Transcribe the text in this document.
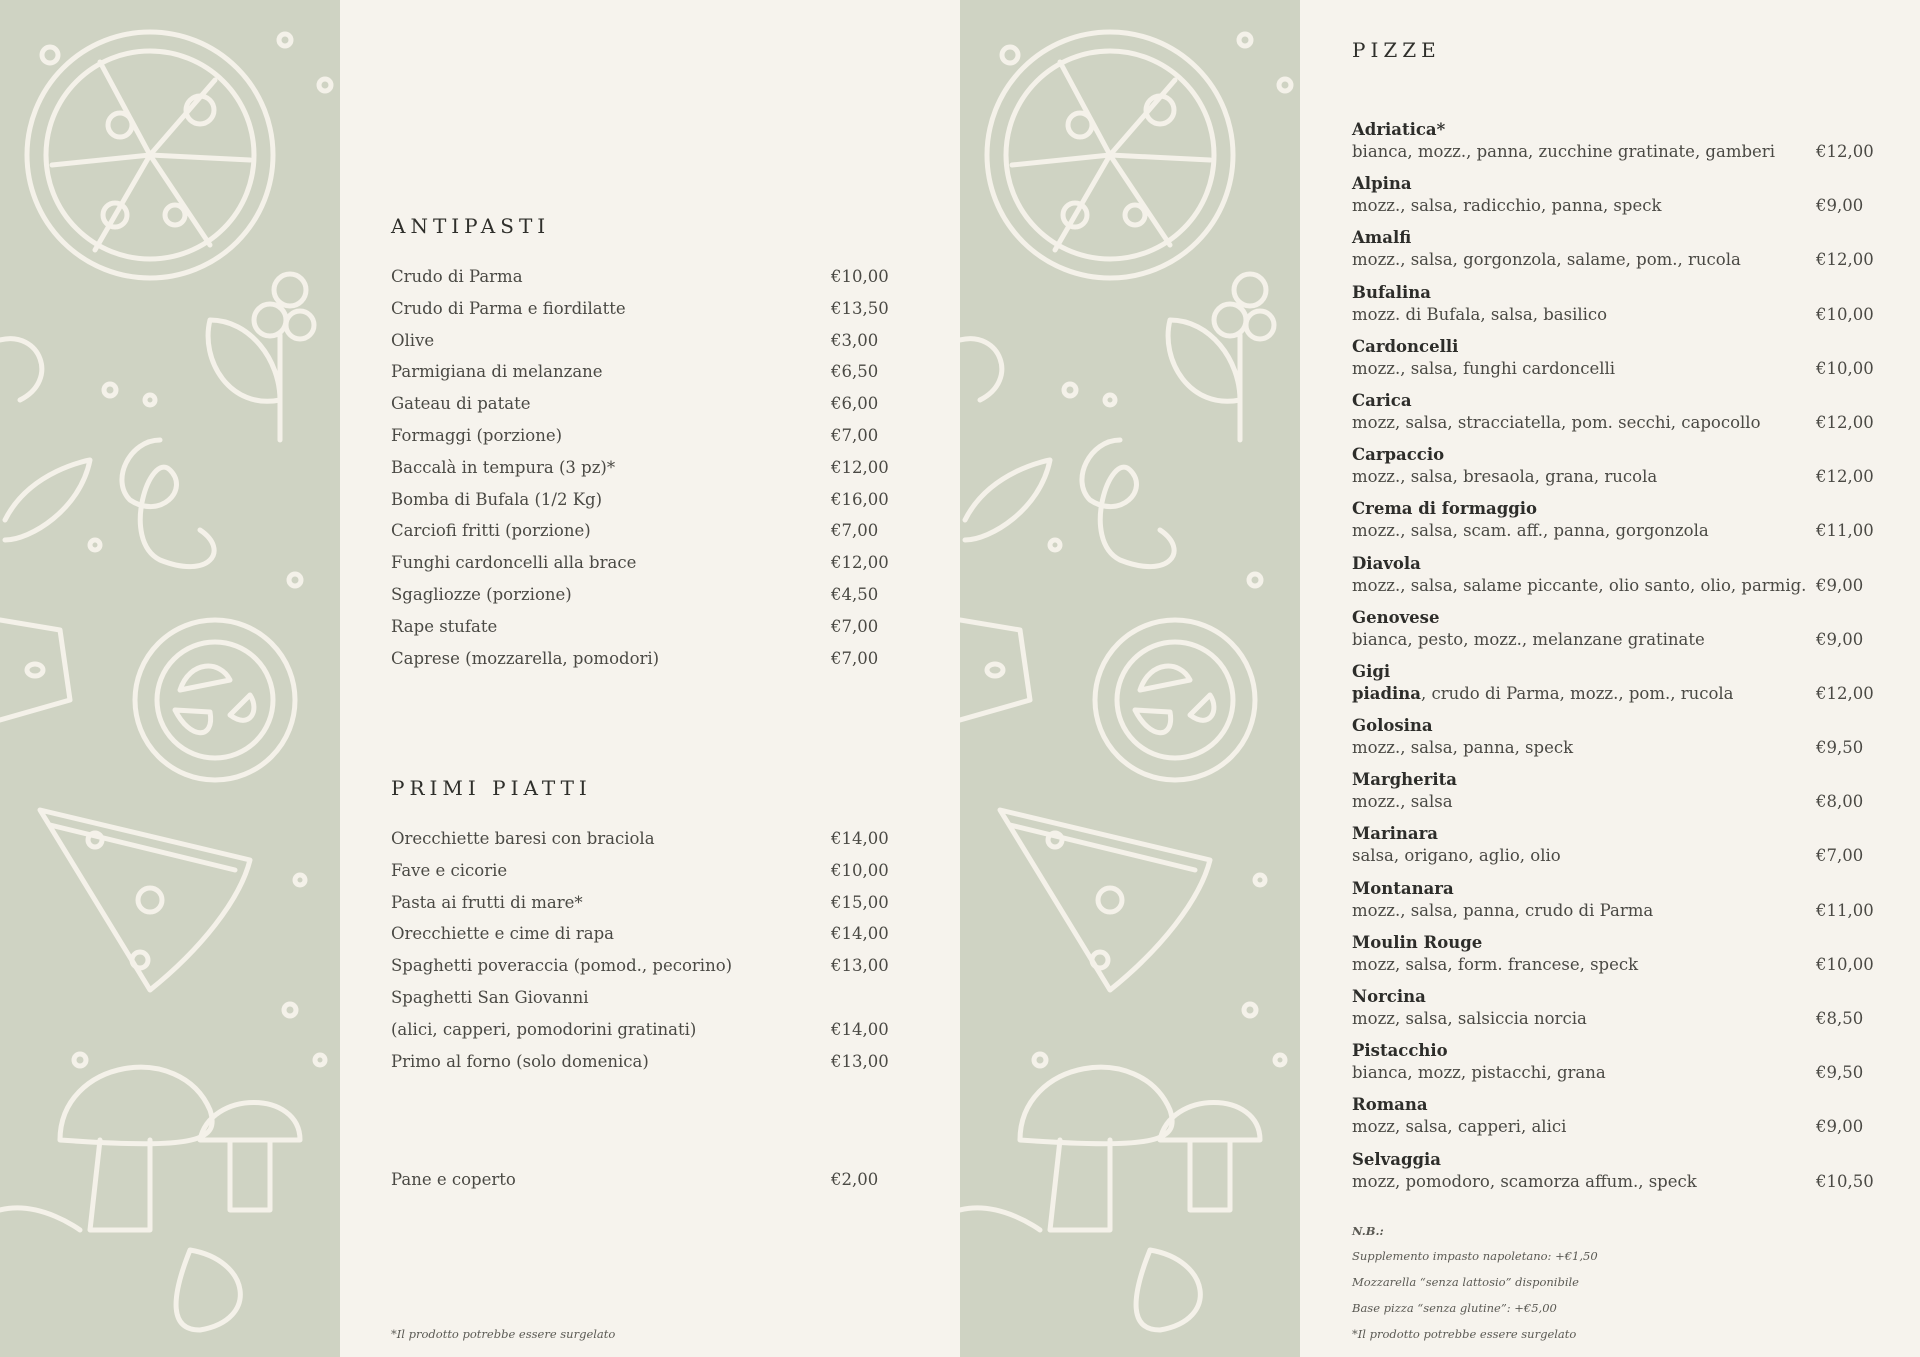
ANTIPASTI
Crudo di Parma	€10,00
Crudo di Parma e fiordilatte	€13,50
Olive	€3,00
Parmigiana di melanzane	€6,50
Gateau di patate	€6,00
Formaggi (porzione)	€7,00
Baccalà in tempura (3 pz)*	€12,00
Bomba di Bufala (1/2 Kg)	€16,00
Carciofi fritti (porzione)	€7,00
Funghi cardoncelli alla brace	€12,00
Sgagliozze (porzione)	€4,50
Rape stufate	€7,00
Caprese (mozzarella, pomodori)	€7,00
PRIMI PIATTI
Orecchiette baresi con braciola	€14,00
Fave e cicorie	€10,00
Pasta ai frutti di mare*	€15,00
Orecchiette e cime di rapa	€14,00
Spaghetti poveraccia (pomod., pecorino)	€13,00
Spaghetti San Giovanni
(alici, capperi, pomodorini gratinati)	€14,00
Primo al forno (solo domenica)	€13,00
Pane e coperto	€2,00
*Il prodotto potrebbe essere surgelato
PIZZE
Adriatica*
bianca, mozz., panna, zucchine gratinate, gamberi €12,00
Alpina
mozz., salsa, radicchio, panna, speck	€9,00
Amalfi
mozz., salsa, gorgonzola, salame, pom., rucola	€12,00
Bufalina
mozz. di Bufala, salsa, basilico	€10,00
Cardoncelli
mozz., salsa, funghi cardoncelli	€10,00
Carica
mozz, salsa, stracciatella, pom. secchi, capocollo	€12,00
Carpaccio
mozz., salsa, bresaola, grana, rucola	€12,00
Crema di formaggio
mozz., salsa, scam. aff., panna, gorgonzola	€11,00
Diavola
mozz., salsa, salame piccante, olio santo, olio, parmig. €9,00
Genovese
bianca, pesto, mozz., melanzane gratinate	€9,00
Gigi
piadina, crudo di Parma, mozz., pom., rucola	€12,00
Golosina
mozz., salsa, panna, speck	€9,50
Margherita
mozz., salsa	€8,00
Marinara
salsa, origano, aglio, olio	€7,00
Montanara
mozz., salsa, panna, crudo di Parma	€11,00
Moulin Rouge
mozz, salsa, form. francese, speck	€10,00
Norcina
mozz, salsa, salsiccia norcia	€8,50
Pistacchio
bianca, mozz, pistacchi, grana	€9,50
Romana
mozz, salsa, capperi, alici	€9,00
Selvaggia
mozz, pomodoro, scamorza affum., speck	€10,50
N.B.:
Supplemento impasto napoletano: +€1,50
Mozzarella “senza lattosio” disponibile
Base pizza “senza glutine”: +€5,00
*Il prodotto potrebbe essere surgelato
